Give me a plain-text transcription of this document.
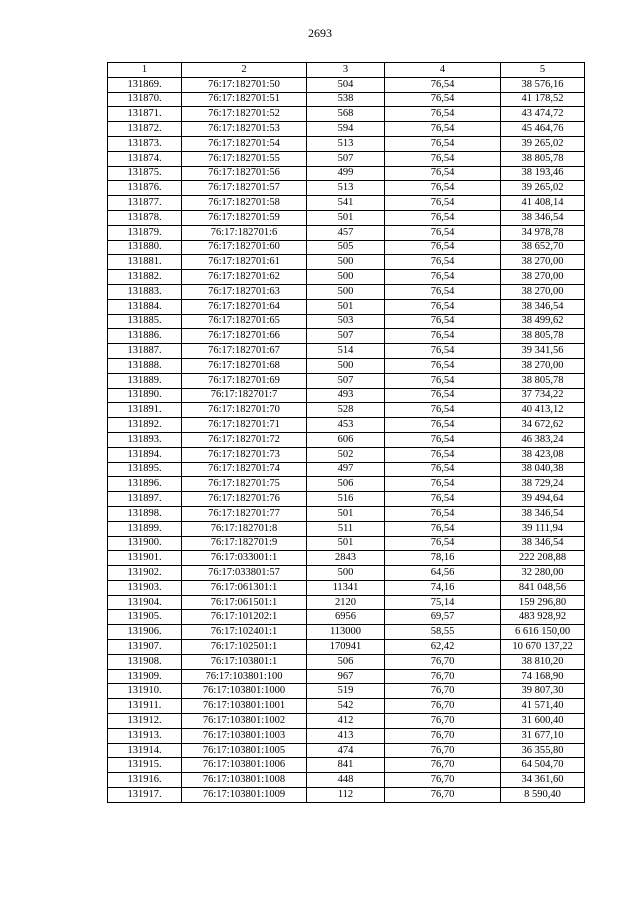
2693
1	2	3	4	5
131869.	76:17:182701:50	504	76,54	38 576,16
131870.	76:17:182701:51	538	76,54	41 178,52
131871.	76:17:182701:52	568	76,54	43 474,72
131872.	76:17:182701:53	594	76,54	45 464,76
131873.	76:17:182701:54	513	76,54	39 265,02
131874.	76:17:182701:55	507	76,54	38 805,78
131875.	76:17:182701:56	499	76,54	38 193,46
131876.	76:17:182701:57	513	76,54	39 265,02
131877.	76:17:182701:58	541	76,54	41 408,14
131878.	76:17:182701:59	501	76,54	38 346,54
131879.	76:17:182701:6	457	76,54	34 978,78
131880.	76:17:182701:60	505	76,54	38 652,70
131881.	76:17:182701:61	500	76,54	38 270,00
131882.	76:17:182701:62	500	76,54	38 270,00
131883.	76:17:182701:63	500	76,54	38 270,00
131884.	76:17:182701:64	501	76,54	38 346,54
131885.	76:17:182701:65	503	76,54	38 499,62
131886.	76:17:182701:66	507	76,54	38 805,78
131887.	76:17:182701:67	514	76,54	39 341,56
131888.	76:17:182701:68	500	76,54	38 270,00
131889.	76:17:182701:69	507	76,54	38 805,78
131890.	76:17:182701:7	493	76,54	37 734,22
131891.	76:17:182701:70	528	76,54	40 413,12
131892.	76:17:182701:71	453	76,54	34 672,62
131893.	76:17:182701:72	606	76,54	46 383,24
131894.	76:17:182701:73	502	76,54	38 423,08
131895.	76:17:182701:74	497	76,54	38 040,38
131896.	76:17:182701:75	506	76,54	38 729,24
131897.	76:17:182701:76	516	76,54	39 494,64
131898.	76:17:182701:77	501	76,54	38 346,54
131899.	76:17:182701:8	511	76,54	39 111,94
131900.	76:17:182701:9	501	76,54	38 346,54
131901.	76:17:033001:1	2843	78,16	222 208,88
131902.	76:17:033801:57	500	64,56	32 280,00
131903.	76:17:061301:1	11341	74,16	841 048,56
131904.	76:17:061501:1	2120	75,14	159 296,80
131905.	76:17:101202:1	6956	69,57	483 928,92
131906.	76:17:102401:1	113000	58,55	6 616 150,00
131907.	76:17:102501:1	170941	62,42	10 670 137,22
131908.	76:17:103801:1	506	76,70	38 810,20
131909.	76:17:103801:100	967	76,70	74 168,90
131910.	76:17:103801:1000	519	76,70	39 807,30
131911.	76:17:103801:1001	542	76,70	41 571,40
131912.	76:17:103801:1002	412	76,70	31 600,40
131913.	76:17:103801:1003	413	76,70	31 677,10
131914.	76:17:103801:1005	474	76,70	36 355,80
131915.	76:17:103801:1006	841	76,70	64 504,70
131916.	76:17:103801:1008	448	76,70	34 361,60
131917.	76:17:103801:1009	112	76,70	8 590,40
